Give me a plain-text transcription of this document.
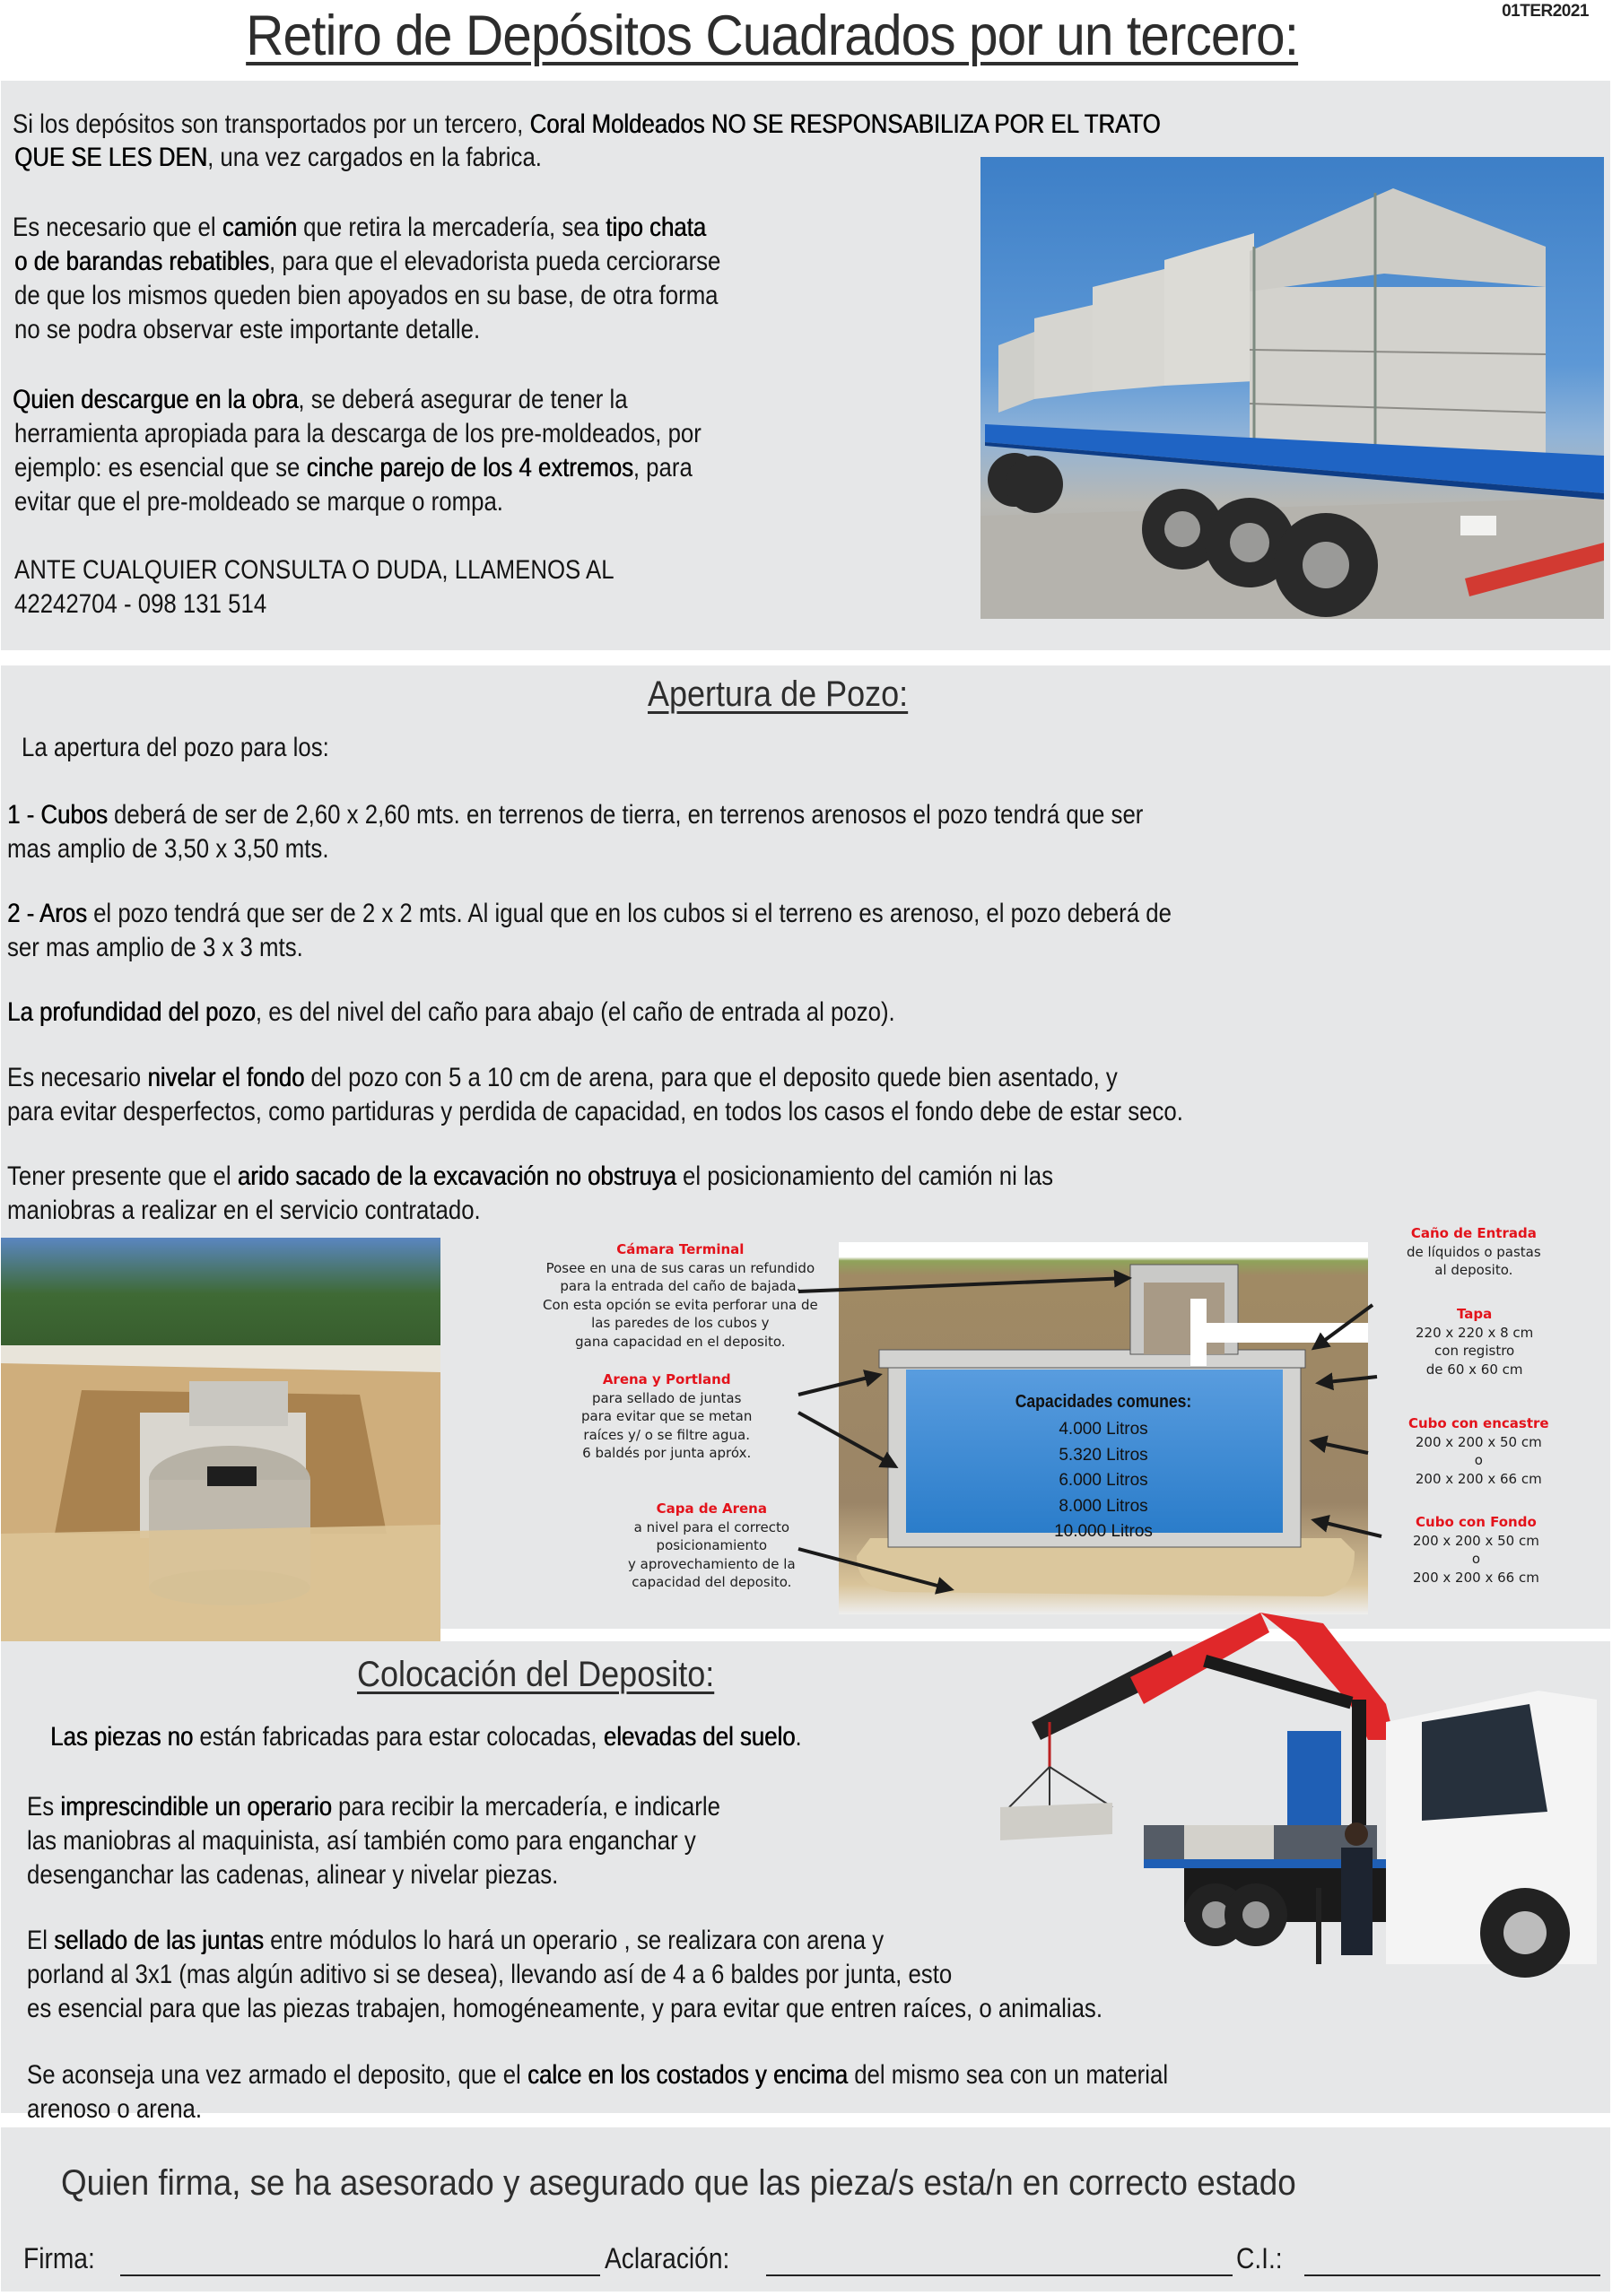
01TER2021
Retiro de Depósitos Cuadrados por un tercero:
Si los depósitos son transportados por un tercero, Coral Moldeados NO SE RESPONSABILIZA POR EL TRATO
QUE SE LES DEN, una vez cargados en la fabrica.
Es necesario que el camión que retira la mercadería, sea tipo chata
o de barandas rebatibles, para que el elevadorista pueda cerciorarse
de que los mismos queden bien apoyados en su base, de otra forma
no se podra observar este importante detalle.
Quien descargue en la obra, se deberá asegurar de tener la
herramienta apropiada para la descarga de los pre-moldeados, por
ejemplo: es esencial que se cinche parejo de los 4 extremos, para
evitar que el pre-moldeado se marque o rompa.
ANTE CUALQUIER CONSULTA O DUDA, LLAMENOS AL
42242704 - 098 131 514
Apertura de Pozo:
La apertura del pozo para los:
1 - Cubos deberá de ser de 2,60 x 2,60 mts. en terrenos de tierra, en terrenos arenosos el pozo tendrá que ser
mas amplio de 3,50 x 3,50 mts.
2 - Aros el pozo tendrá que ser de 2 x 2 mts. Al igual que en los cubos si el terreno es arenoso, el pozo deberá de
ser mas amplio de 3 x 3 mts.
La profundidad del pozo, es del nivel del caño para abajo (el caño de entrada al pozo).
Es necesario nivelar el fondo del pozo con 5 a 10 cm de arena, para que el deposito quede bien asentado, y
para evitar desperfectos, como partiduras y perdida de capacidad, en todos los casos el fondo debe de estar seco.
Tener presente que el arido sacado de la excavación no obstruya el posicionamiento del camión ni las
maniobras a realizar en el servicio contratado.
Capacidades comunes:
4.000 Litros
5.320 Litros
6.000 Litros
8.000 Litros
10.000 Litros
Cámara Terminal
Posee en una de sus caras un refundido
para la entrada del caño de bajada.
Con esta opción se evita perforar una de
las paredes de los cubos y
gana capacidad en el deposito.
Arena y Portland
para sellado de juntas
para evitar que se metan
raíces y/ o se filtre agua.
6 baldés por junta apróx.
Capa de Arena
a nivel para el correcto
posicionamiento
y aprovechamiento de la
capacidad del deposito.
Caño de Entrada
de líquidos o pastas
al deposito.
Tapa
220 x 220 x 8 cm
con registro
de 60 x 60 cm
Cubo con encastre
200 x 200 x 50 cm
o
200 x 200 x 66 cm
Cubo con Fondo
200 x 200 x 50 cm
o
200 x 200 x 66 cm
Colocación del Deposito:
Las piezas no están fabricadas para estar colocadas, elevadas del suelo.
Es imprescindible un operario para recibir la mercadería, e indicarle
las maniobras al maquinista, así también como para enganchar y
desenganchar las cadenas, alinear y nivelar piezas.
El sellado de las juntas entre módulos lo hará un operario , se realizara con arena y
porland al 3x1 (mas algún aditivo si se desea), llevando así de 4 a 6 baldes por junta, esto
es esencial para que las piezas trabajen, homogéneamente, y para evitar que entren raíces, o animalias.
Se aconseja una vez armado el deposito, que el calce en los costados y encima del mismo sea con un material
arenoso o arena.
Quien firma, se ha asesorado y asegurado que las pieza/s esta/n en correcto estado
Firma:	Aclaración:	C.I.:
